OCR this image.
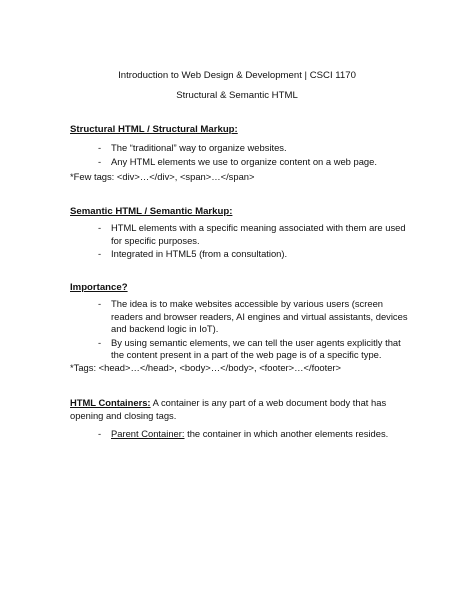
Introduction to Web Design & Development | CSCI 1170

Structural & Semantic HTML

Structural HTML / Structural Markup:

- The “traditional” way to organize websites.
- Any HTML elements we use to organize content on a web page.

*Few tags: <div>…</div>, <span>…</span>

Semantic HTML / Semantic Markup:

- HTML elements with a specific meaning associated with them are used for specific purposes.
- Integrated in HTML5 (from a consultation).

Importance?

- The idea is to make websites accessible by various users (screen readers and browser readers, AI engines and virtual assistants, devices and backend logic in IoT).
- By using semantic elements, we can tell the user agents explicitly that the content present in a part of the web page is of a specific type.

*Tags: <head>…</head>, <body>…</body>, <footer>…</footer>

HTML Containers: A container is any part of a web document body that has opening and closing tags.

- Parent Container: the container in which another elements resides.
